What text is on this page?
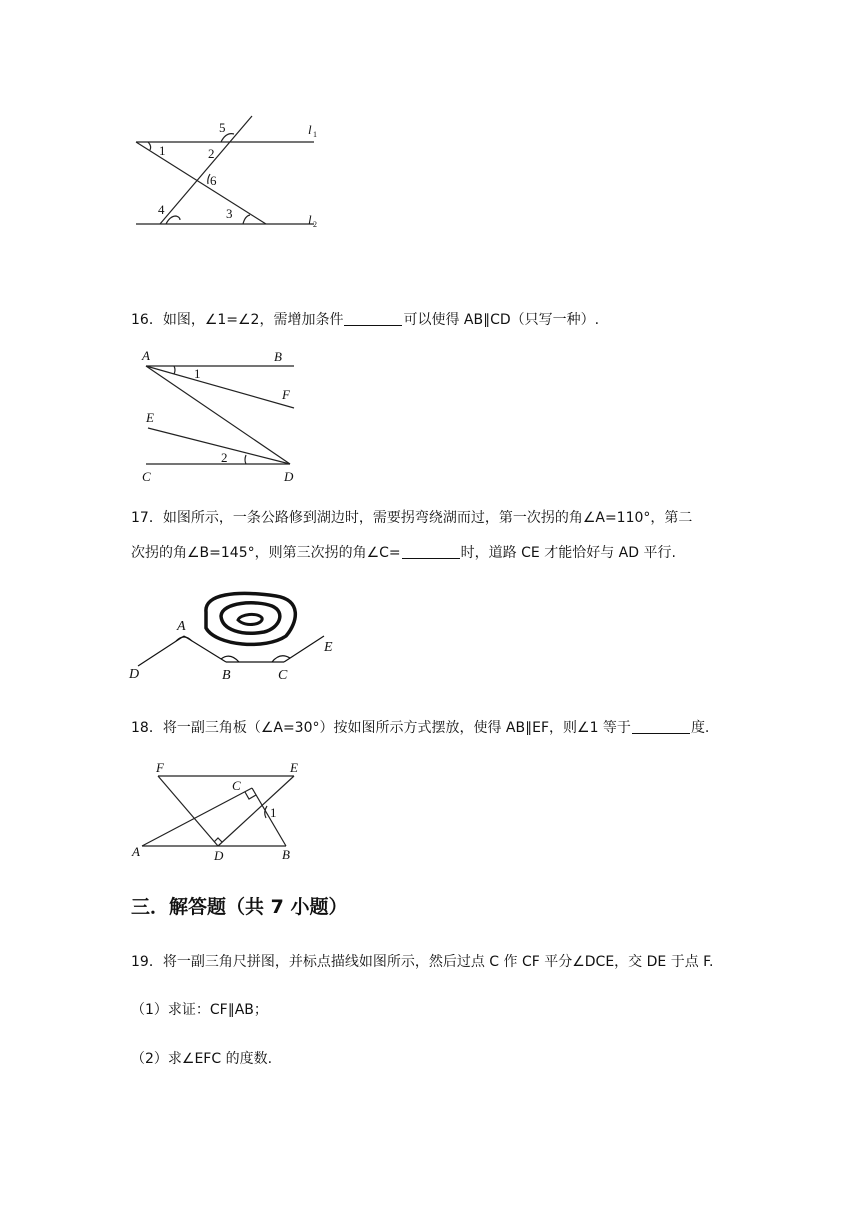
1	2
3
4
5
6
l 1
l 2
16．如图，∠1=∠2，需增加条件	可以使得 AB∥CD（只写一种）.
A	B
F
E
C	D
1
2
17．如图所示，一条公路修到湖边时，需要拐弯绕湖而过，第一次拐的角∠A=110°，第二
次拐的角∠B=145°，则第三次拐的角∠C=	时，道路 CE 才能恰好与 AD 平行.
A
B	C
D
E
18．将一副三角板（∠A=30°）按如图所示方式摆放，使得 AB∥EF，则∠1 等于	度.
F	E
C
1
A	D	B
三．解答题（共 7 小题）
19．将一副三角尺拼图，并标点描线如图所示，然后过点 C 作 CF 平分∠DCE，交 DE 于点 F.
（1）求证：CF∥AB；
（2）求∠EFC 的度数.
